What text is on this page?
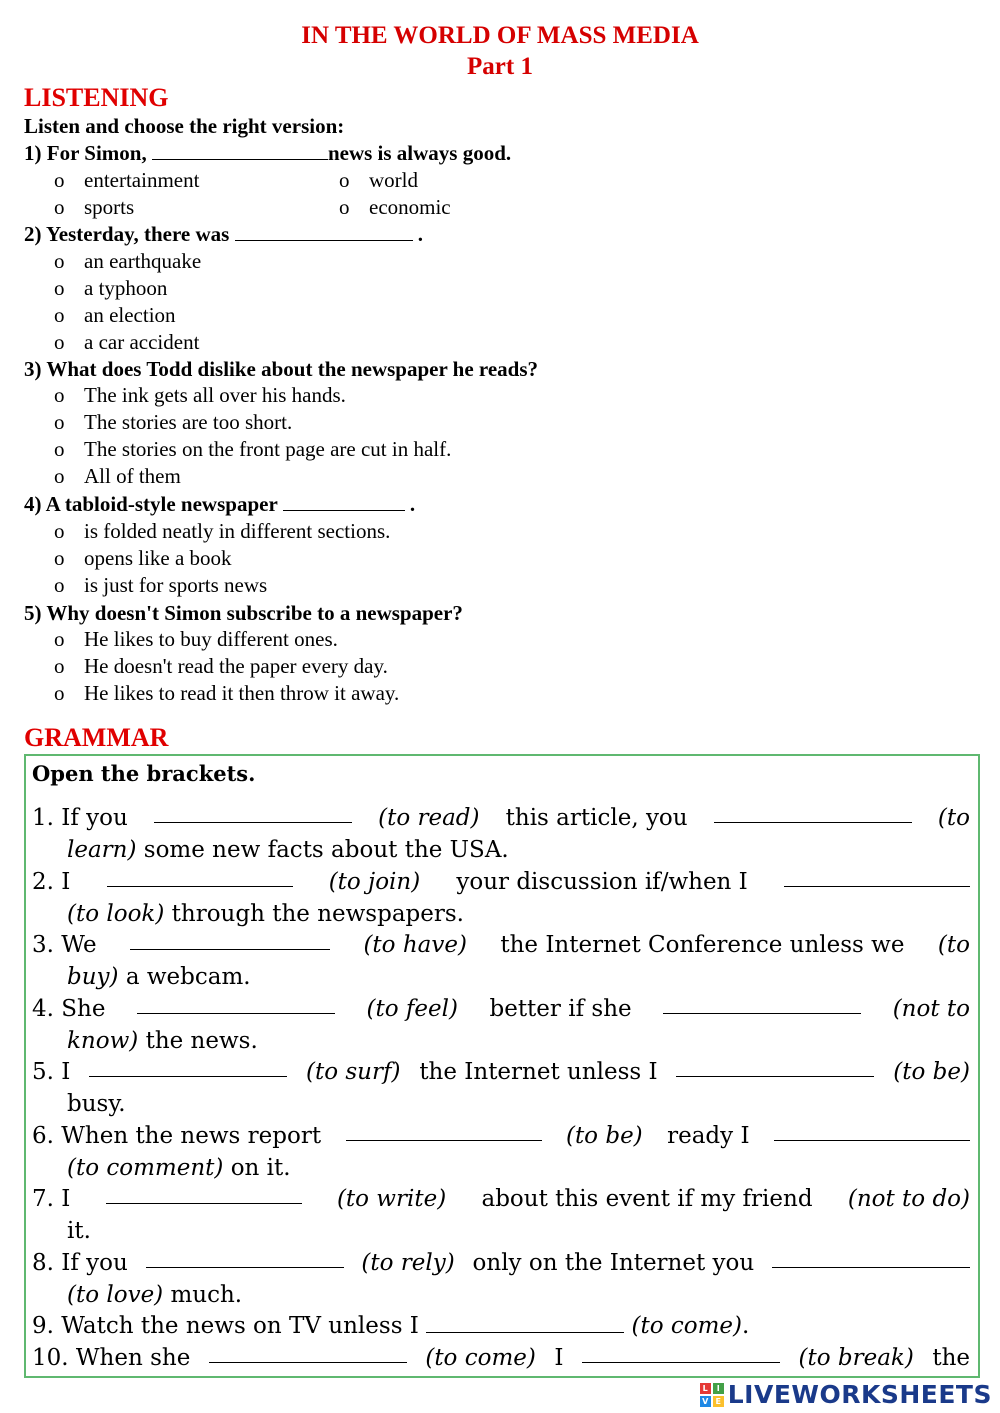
IN THE WORLD OF MASS MEDIA
Part 1
LISTENING
Listen and choose the right version:
1) For Simon,	news is always good.
o entertainment	o world
o sports	o economic
2) Yesterday, there was	.
o an earthquake
o a typhoon
o an election
o a car accident
3) What does Todd dislike about the newspaper he reads?
o The ink gets all over his hands.
o The stories are too short.
o The stories on the front page are cut in half.
o All of them
4) A tabloid-style newspaper	.
o is folded neatly in different sections.
o opens like a book
o is just for sports news
5) Why doesn't Simon subscribe to a newspaper?
o He likes to buy different ones.
o He doesn't read the paper every day.
o He likes to read it then throw it away.
GRAMMAR
Open the brackets.
1. If you	(to read) this article, you	(to
learn) some new facts about the USA.
2. I	(to join) your discussion if/when I
(to look) through the newspapers.
3. We	(to have) the Internet Conference unless we (to
buy) a webcam.
4. She	(to feel) better if she	(not to
know) the news.
5. I	(to surf) the Internet unless I	(to be)
busy.
6. When the news report	(to be) ready I
(to comment) on it.
7. I	(to write) about this event if my friend (not to do)
it.
8. If you	(to rely) only on the Internet you
(to love) much.
9. Watch the news on TV unless I	(to come).
10. When she	(to come) I	(to break) the
L	I
V E LIVEWORKSHEETS
